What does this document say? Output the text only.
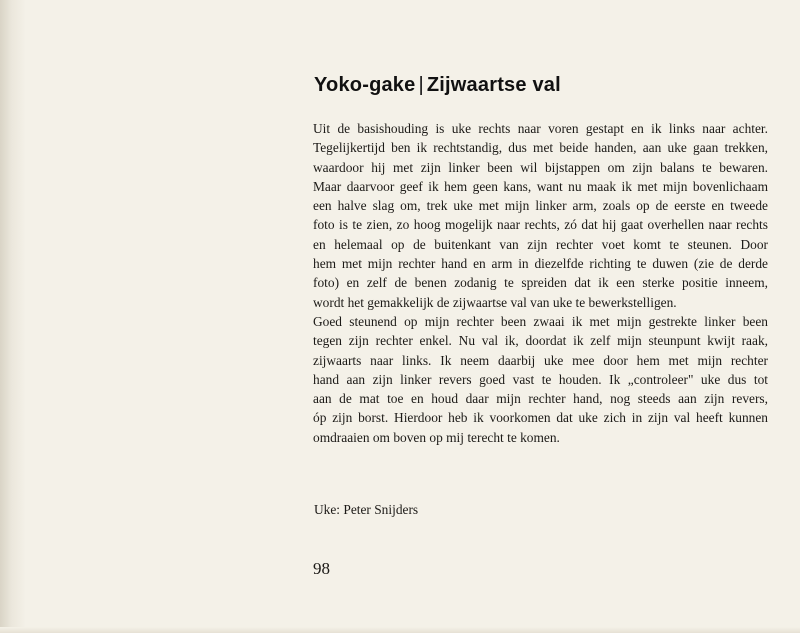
Yoko-gake | Zijwaartse val
Uit de basishouding is uke rechts naar voren gestapt en ik links naar achter.
Tegelijkertijd ben ik rechtstandig, dus met beide handen, aan uke gaan trekken,
waardoor hij met zijn linker been wil bijstappen om zijn balans te bewaren.
Maar daarvoor geef ik hem geen kans, want nu maak ik met mijn bovenlichaam
een halve slag om, trek uke met mijn linker arm, zoals op de eerste en tweede
foto is te zien, zo hoog mogelijk naar rechts, zó dat hij gaat overhellen naar rechts
en helemaal op de buitenkant van zijn rechter voet komt te steunen. Door
hem met mijn rechter hand en arm in diezelfde richting te duwen (zie de derde
foto) en zelf de benen zodanig te spreiden dat ik een sterke positie inneem,
wordt het gemakkelijk de zijwaartse val van uke te bewerkstelligen.
Goed steunend op mijn rechter been zwaai ik met mijn gestrekte linker been
tegen zijn rechter enkel. Nu val ik, doordat ik zelf mijn steunpunt kwijt raak,
zijwaarts naar links. Ik neem daarbij uke mee door hem met mijn rechter
hand aan zijn linker revers goed vast te houden. Ik „controleer" uke dus tot
aan de mat toe en houd daar mijn rechter hand, nog steeds aan zijn revers,
óp zijn borst. Hierdoor heb ik voorkomen dat uke zich in zijn val heeft kunnen
omdraaien om boven op mij terecht te komen.

Uke: Peter Snijders

98
